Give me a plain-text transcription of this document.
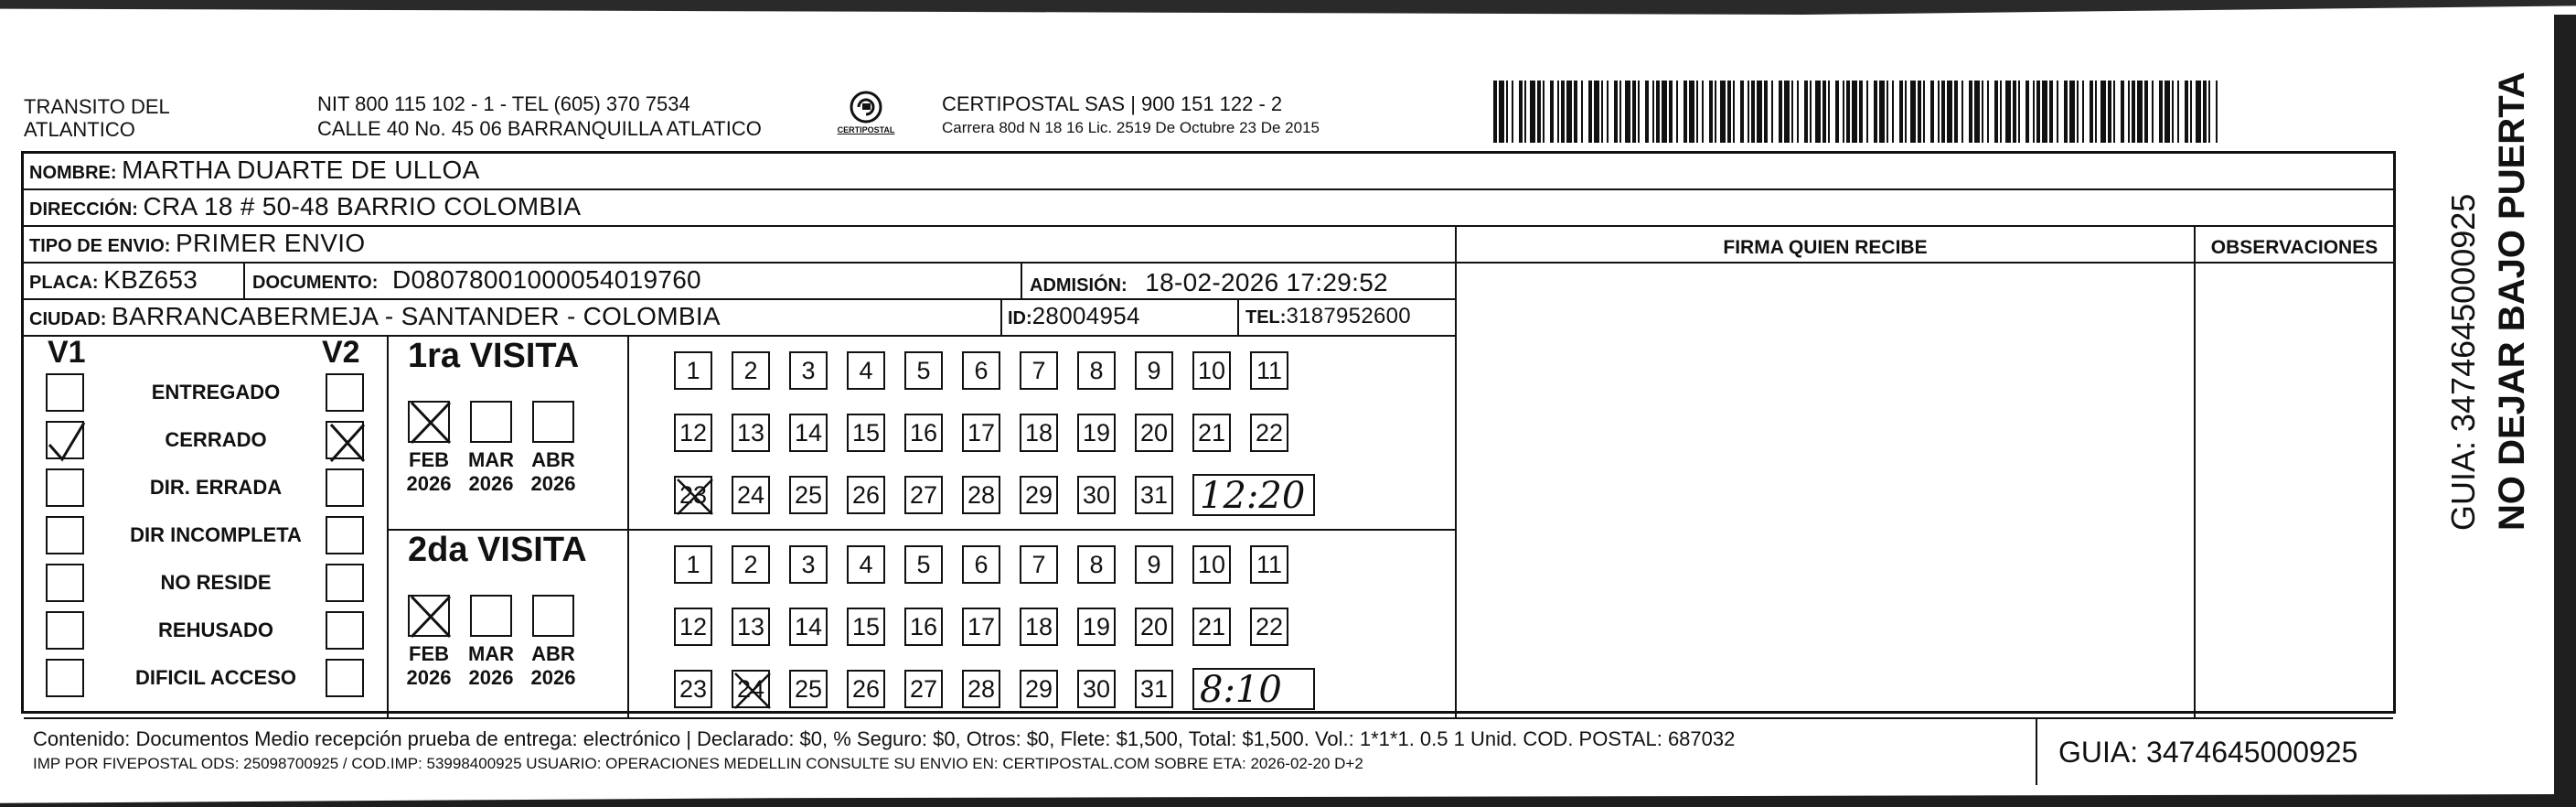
TRANSITO DEL
ATLANTICO
NIT 800 115 102 - 1 - TEL (605) 370 7534
CALLE 40 No. 45 06 BARRANQUILLA ATLATICO	CERTIPOSTAL
CERTIPOSTAL SAS | 900 151 122 - 2
Carrera 80d N 18 16 Lic. 2519 De Octubre 23 De 2015
NOMBRE: MARTHA DUARTE DE ULLOA
DIRECCIÓN: CRA 18 # 50-48 BARRIO COLOMBIA
TIPO DE ENVIO: PRIMER ENVIO	FIRMA QUIEN RECIBE	OBSERVACIONES
PLACA: KBZ653	DOCUMENTO: D08078001000054019760	ADMISIÓN: 18-02-2026 17:29:52
CIUDAD: BARRANCABERMEJA - SANTANDER - COLOMBIA	ID:28004954	TEL:3187952600
V1	V2
ENTREGADO
CERRADO
DIR. ERRADA
DIR INCOMPLETA
NO RESIDE
REHUSADO
DIFICIL ACCESO
1ra VISITA
FEB
2026
MAR
2026
ABR
2026
1	2	3	4	5	6	7	8	9	10 11
12 13 14 15 16 17 18 19 20 21 22
23 24 25 26 27 28 29 30 31 12:20
2da VISITA
FEB
2026
MAR
2026
ABR
2026
1	2	3	4	5	6	7	8	9	10 11
12 13 14 15 16 17 18 19 20 21 22
23 24 25 26 27 28 29 30 31 8:10
Contenido: Documentos Medio recepción prueba de entrega: electrónico | Declarado: $0, % Seguro: $0, Otros: $0, Flete: $1,500, Total: $1,500. Vol.: 1*1*1. 0.5 1 Unid. COD. POSTAL: 687032
IMP POR FIVEPOSTAL ODS: 25098700925 / COD.IMP: 53998400925 USUARIO: OPERACIONES MEDELLIN CONSULTE SU ENVIO EN: CERTIPOSTAL.COM SOBRE ETA: 2026-02-20 D+2	GUIA: 3474645000925
NO DEJAR BAJO PUERTA
GUIA: 3474645000925
